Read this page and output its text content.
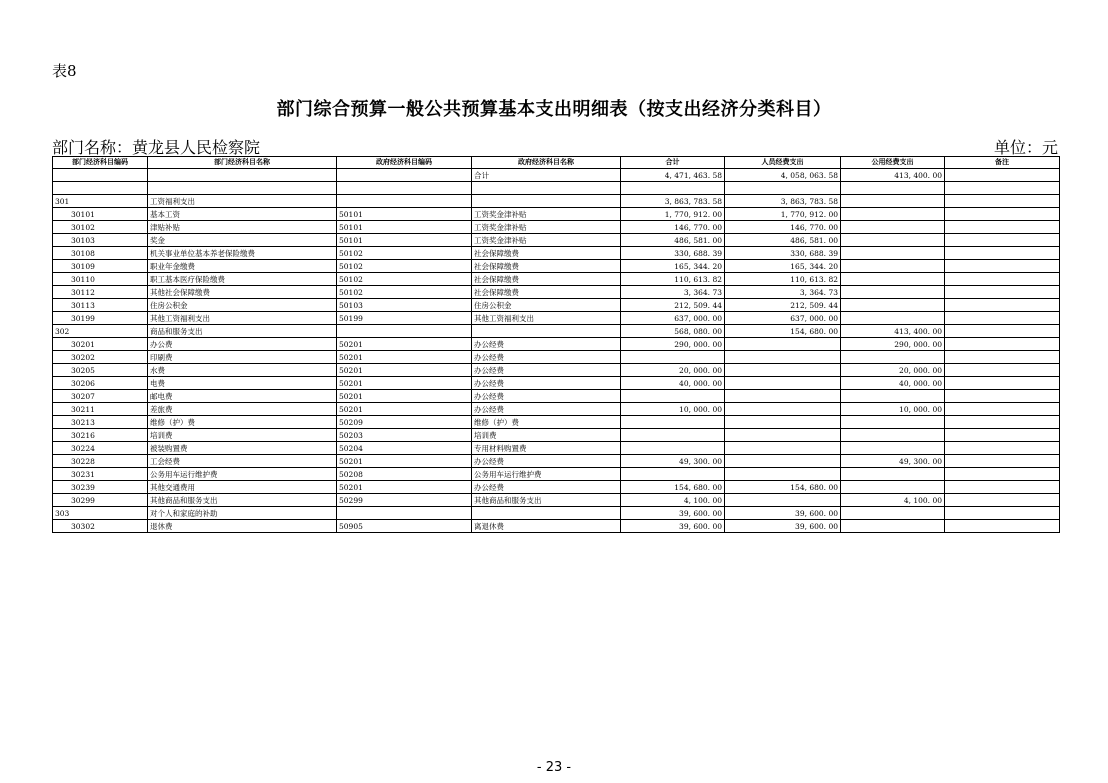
表8
部门综合预算一般公共预算基本支出明细表（按支出经济分类科目）
部门名称：黄龙县人民检察院	单位：元
部门经济科目编码	部门经济科目名称	政府经济科目编码	政府经济科目名称	合计	人员经费支出	公用经费支出	备注
			合计	4, 471, 463. 58	4, 058, 063. 58	413, 400. 00	

301	工资福利支出			3, 863, 783. 58	3, 863, 783. 58		
30101	基本工资	50101	工资奖金津补贴	1, 770, 912. 00	1, 770, 912. 00		
30102	津贴补贴	50101	工资奖金津补贴	146, 770. 00	146, 770. 00		
30103	奖金	50101	工资奖金津补贴	486, 581. 00	486, 581. 00		
30108	机关事业单位基本养老保险缴费	50102	社会保障缴费	330, 688. 39	330, 688. 39		
30109	职业年金缴费	50102	社会保障缴费	165, 344. 20	165, 344. 20		
30110	职工基本医疗保险缴费	50102	社会保障缴费	110, 613. 82	110, 613. 82		
30112	其他社会保障缴费	50102	社会保障缴费	3, 364. 73	3, 364. 73		
30113	住房公积金	50103	住房公积金	212, 509. 44	212, 509. 44		
30199	其他工资福利支出	50199	其他工资福利支出	637, 000. 00	637, 000. 00		
302	商品和服务支出			568, 080. 00	154, 680. 00	413, 400. 00	
30201	办公费	50201	办公经费	290, 000. 00		290, 000. 00	
30202	印刷费	50201	办公经费				
30205	水费	50201	办公经费	20, 000. 00		20, 000. 00	
30206	电费	50201	办公经费	40, 000. 00		40, 000. 00	
30207	邮电费	50201	办公经费				
30211	差旅费	50201	办公经费	10, 000. 00		10, 000. 00	
30213	维修（护）费	50209	维修（护）费				
30216	培训费	50203	培训费				
30224	被装购置费	50204	专用材料购置费				
30228	工会经费	50201	办公经费	49, 300. 00		49, 300. 00	
30231	公务用车运行维护费	50208	公务用车运行维护费				
30239	其他交通费用	50201	办公经费	154, 680. 00	154, 680. 00		
30299	其他商品和服务支出	50299	其他商品和服务支出	4, 100. 00		4, 100. 00	
303	对个人和家庭的补助			39, 600. 00	39, 600. 00		
30302	退休费	50905	离退休费	39, 600. 00	39, 600. 00		
- 23 -
